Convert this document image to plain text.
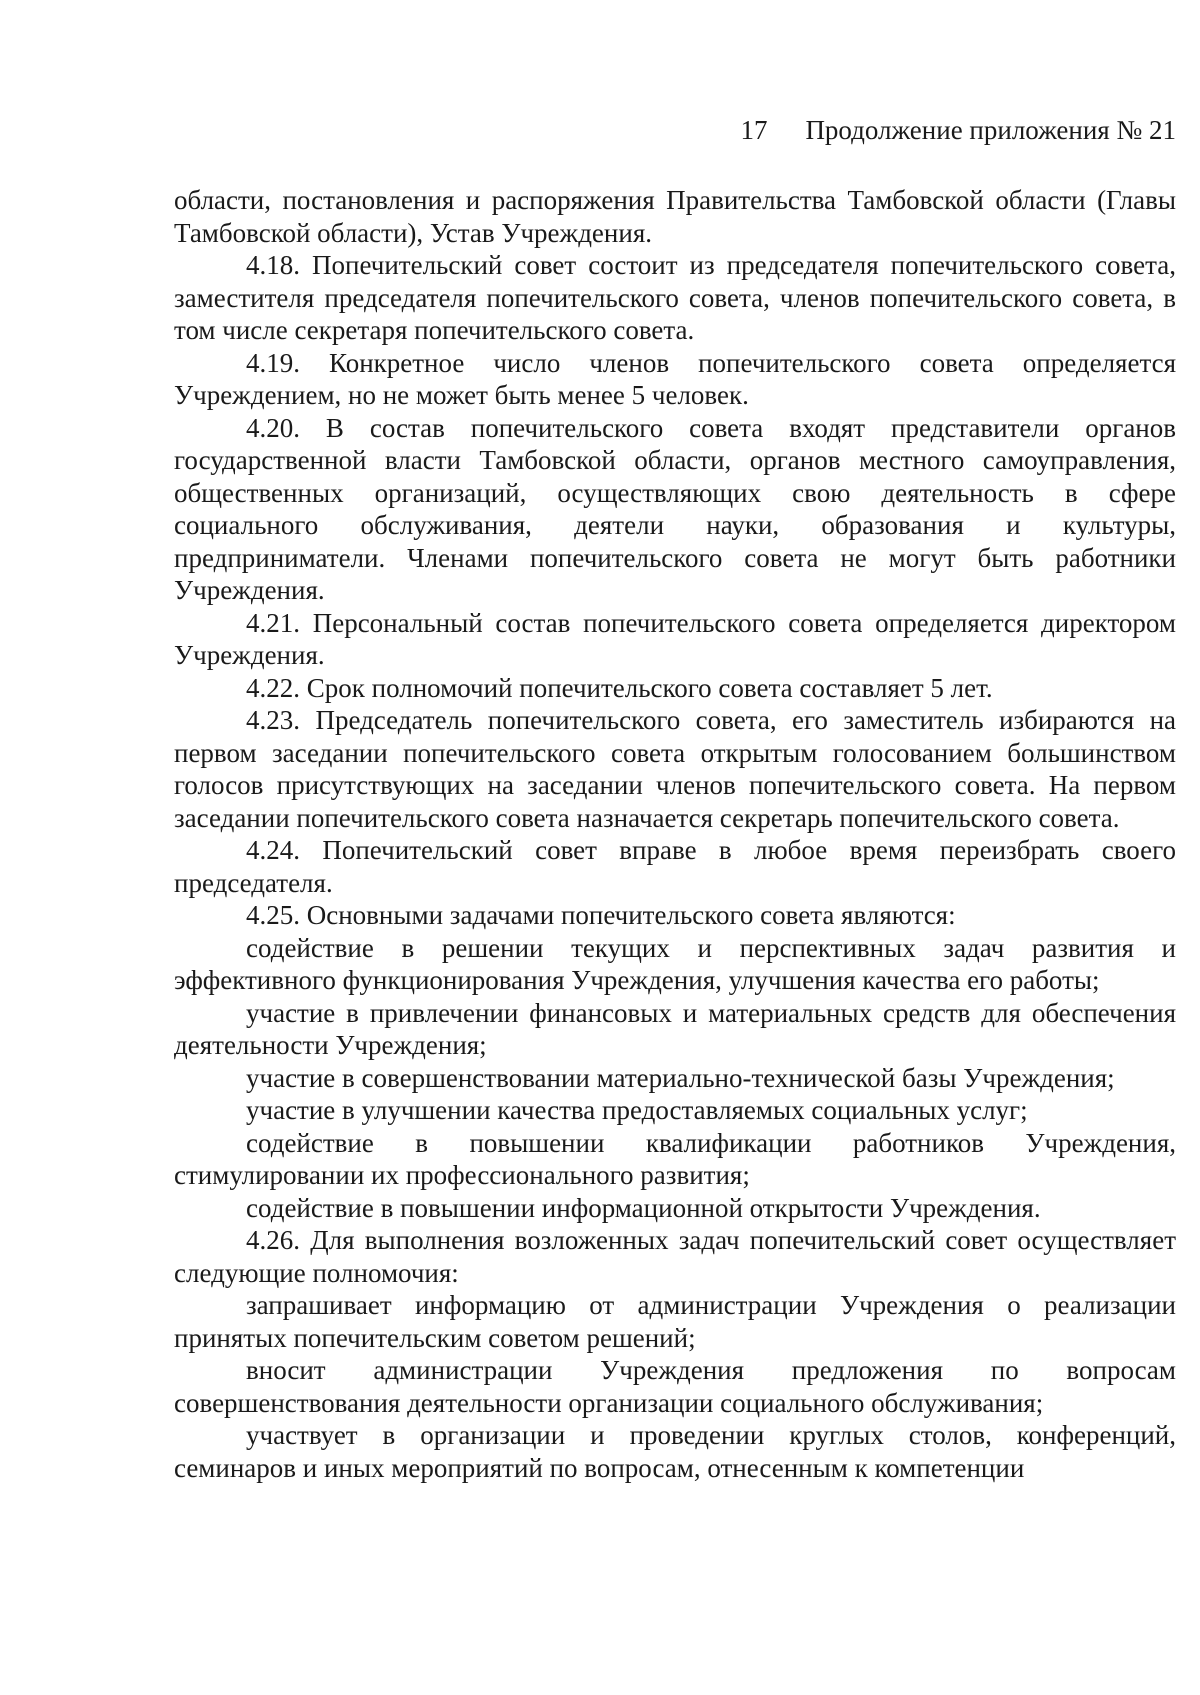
17 Продолжение приложения № 21

области, постановления и распоряжения Правительства Тамбовской области (Главы Тамбовской области), Устав Учреждения.

4.18. Попечительский совет состоит из председателя попечительского совета, заместителя председателя попечительского совета, членов попечительского совета, в том числе секретаря попечительского совета.

4.19. Конкретное число членов попечительского совета определяется Учреждением, но не может быть менее 5 человек.

4.20. В состав попечительского совета входят представители органов государственной власти Тамбовской области, органов местного самоуправления, общественных организаций, осуществляющих свою деятельность в сфере социального обслуживания, деятели науки, образования и культуры, предприниматели. Членами попечительского совета не могут быть работники Учреждения.

4.21. Персональный состав попечительского совета определяется директором Учреждения.

4.22. Срок полномочий попечительского совета составляет 5 лет.

4.23. Председатель попечительского совета, его заместитель избираются на первом заседании попечительского совета открытым голосованием большинством голосов присутствующих на заседании членов попечительского совета. На первом заседании попечительского совета назначается секретарь попечительского совета.

4.24. Попечительский совет вправе в любое время переизбрать своего председателя.

4.25. Основными задачами попечительского совета являются:

содействие в решении текущих и перспективных задач развития и эффективного функционирования Учреждения, улучшения качества его работы;

участие в привлечении финансовых и материальных средств для обеспечения деятельности Учреждения;

участие в совершенствовании материально-технической базы Учреждения;

участие в улучшении качества предоставляемых социальных услуг;

содействие в повышении квалификации работников Учреждения, стимулировании их профессионального развития;

содействие в повышении информационной открытости Учреждения.

4.26. Для выполнения возложенных задач попечительский совет осуществляет следующие полномочия:

запрашивает информацию от администрации Учреждения о реализации принятых попечительским советом решений;

вносит администрации Учреждения предложения по вопросам совершенствования деятельности организации социального обслуживания;

участвует в организации и проведении круглых столов, конференций, семинаров и иных мероприятий по вопросам, отнесенным к компетенции
